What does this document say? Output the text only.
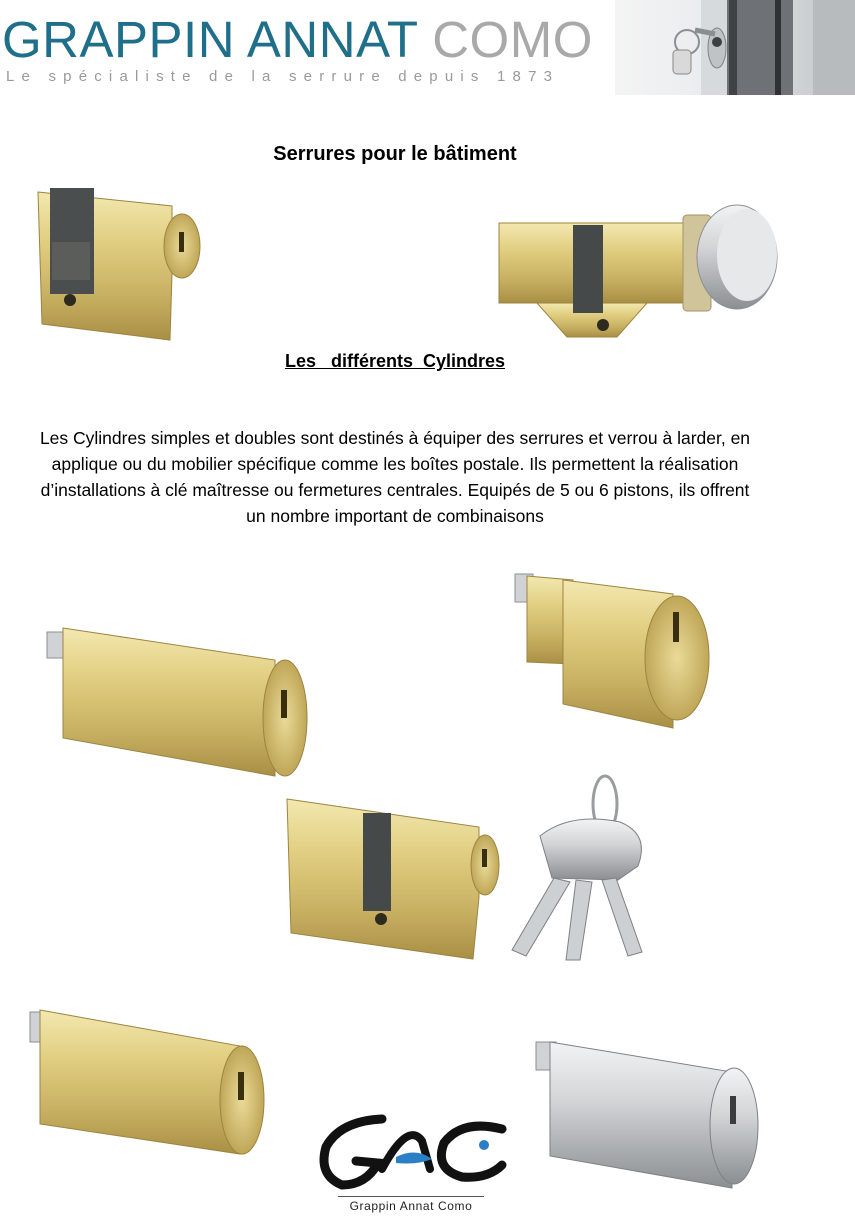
GRAPPIN ANNAT COMO
Le spécialiste de la serrure depuis 1873
Serrures pour le bâtiment
Les   différents  Cylindres
Les Cylindres simples et doubles sont destinés à équiper des serrures et verrou à larder, en applique ou du mobilier spécifique comme les boîtes postale. Ils permettent la réalisation d’installations à clé maîtresse ou fermetures centrales. Equipés de 5 ou 6 pistons, ils offrent un nombre important de combinaisons
Grappin Annat Como
